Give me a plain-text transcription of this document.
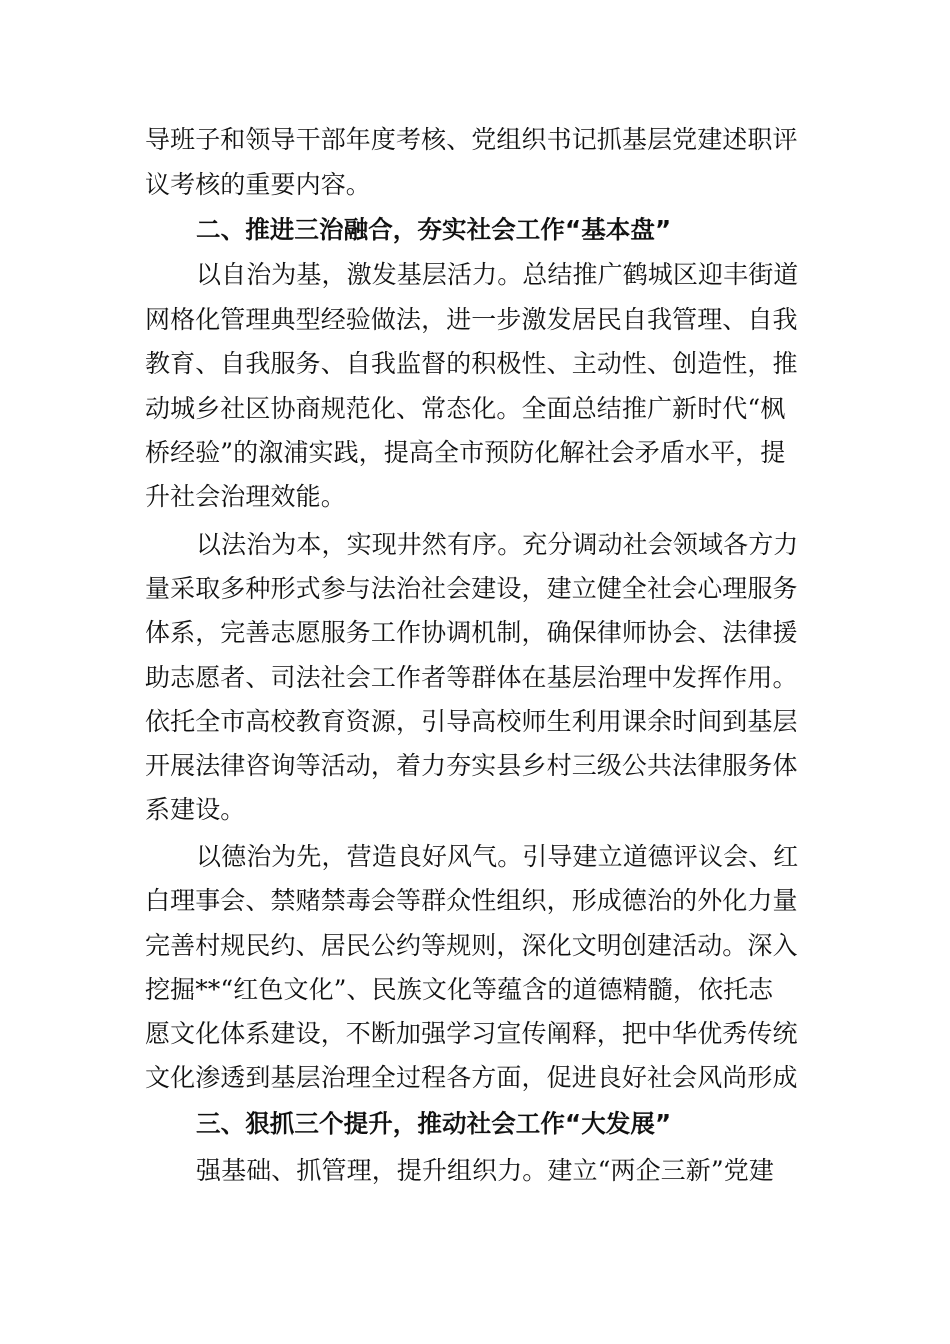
导班子和领导干部年度考核、党组织书记抓基层党建述职评
议考核的重要内容。
二、推进三治融合，夯实社会工作“基本盘”
以自治为基，激发基层活力。总结推广鹤城区迎丰街道
网格化管理典型经验做法，进一步激发居民自我管理、自我
教育、自我服务、自我监督的积极性、主动性、创造性，推
动城乡社区协商规范化、常态化。全面总结推广新时代“枫
桥经验”的溆浦实践，提高全市预防化解社会矛盾水平，提
升社会治理效能。
以法治为本，实现井然有序。充分调动社会领域各方力
量采取多种形式参与法治社会建设，建立健全社会心理服务
体系，完善志愿服务工作协调机制，确保律师协会、法律援
助志愿者、司法社会工作者等群体在基层治理中发挥作用。
依托全市高校教育资源，引导高校师生利用课余时间到基层
开展法律咨询等活动，着力夯实县乡村三级公共法律服务体
系建设。
以德治为先，营造良好风气。引导建立道德评议会、红
白理事会、禁赌禁毒会等群众性组织，形成德治的外化力量
完善村规民约、居民公约等规则，深化文明创建活动。深入
挖掘**“红色文化”、民族文化等蕴含的道德精髓，依托志
愿文化体系建设，不断加强学习宣传阐释，把中华优秀传统
文化渗透到基层治理全过程各方面，促进良好社会风尚形成
三、狠抓三个提升，推动社会工作“大发展”
强基础、抓管理，提升组织力。建立“两企三新”党建
